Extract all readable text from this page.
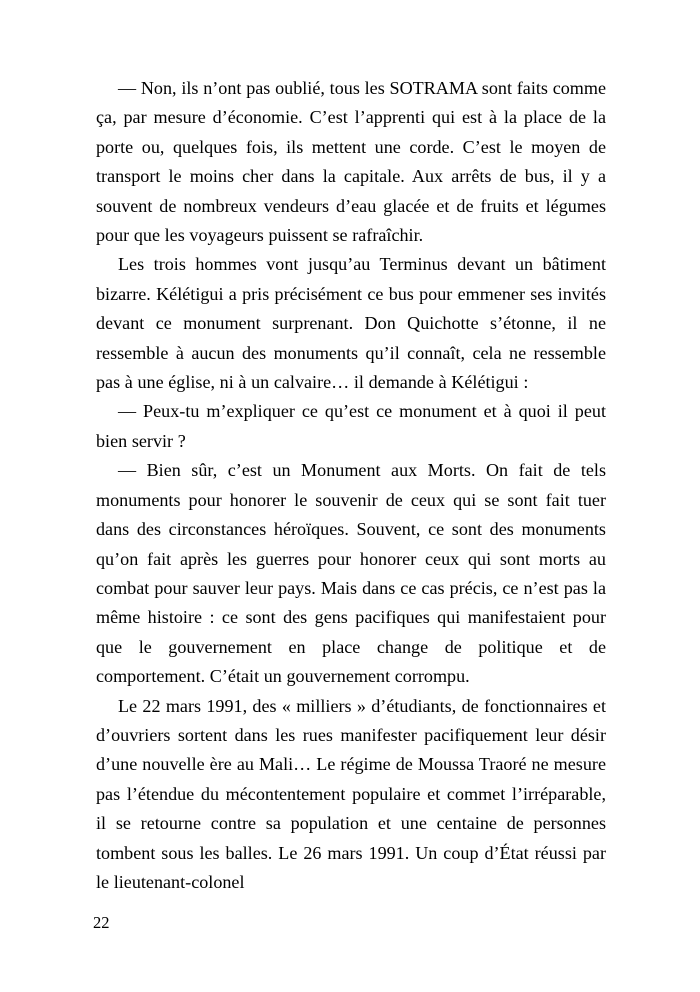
— Non, ils n’ont pas oublié, tous les SOTRAMA sont faits comme ça, par mesure d’économie. C’est l’apprenti qui est à la place de la porte ou, quelques fois, ils mettent une corde. C’est le moyen de transport le moins cher dans la capitale. Aux arrêts de bus, il y a souvent de nombreux vendeurs d’eau glacée et de fruits et légumes pour que les voyageurs puissent se rafraîchir.

Les trois hommes vont jusqu’au Terminus devant un bâtiment bizarre. Kélétigui a pris précisément ce bus pour emmener ses invités devant ce monument surprenant. Don Quichotte s’étonne, il ne ressemble à aucun des monuments qu’il connaît, cela ne ressemble pas à une église, ni à un calvaire… il demande à Kélétigui :

— Peux-tu m’expliquer ce qu’est ce monument et à quoi il peut bien servir ?

— Bien sûr, c’est un Monument aux Morts. On fait de tels monuments pour honorer le souvenir de ceux qui se sont fait tuer dans des circonstances héroïques. Souvent, ce sont des monuments qu’on fait après les guerres pour honorer ceux qui sont morts au combat pour sauver leur pays. Mais dans ce cas précis, ce n’est pas la même histoire : ce sont des gens pacifiques qui manifestaient pour que le gouvernement en place change de politique et de comportement. C’était un gouvernement corrompu.

Le 22 mars 1991, des « milliers » d’étudiants, de fonctionnaires et d’ouvriers sortent dans les rues manifester pacifiquement leur désir d’une nouvelle ère au Mali… Le régime de Moussa Traoré ne mesure pas l’étendue du mécontentement populaire et commet l’irréparable, il se retourne contre sa population et une centaine de personnes tombent sous les balles. Le 26 mars 1991. Un coup d’État réussi par le lieutenant-colonel

22
